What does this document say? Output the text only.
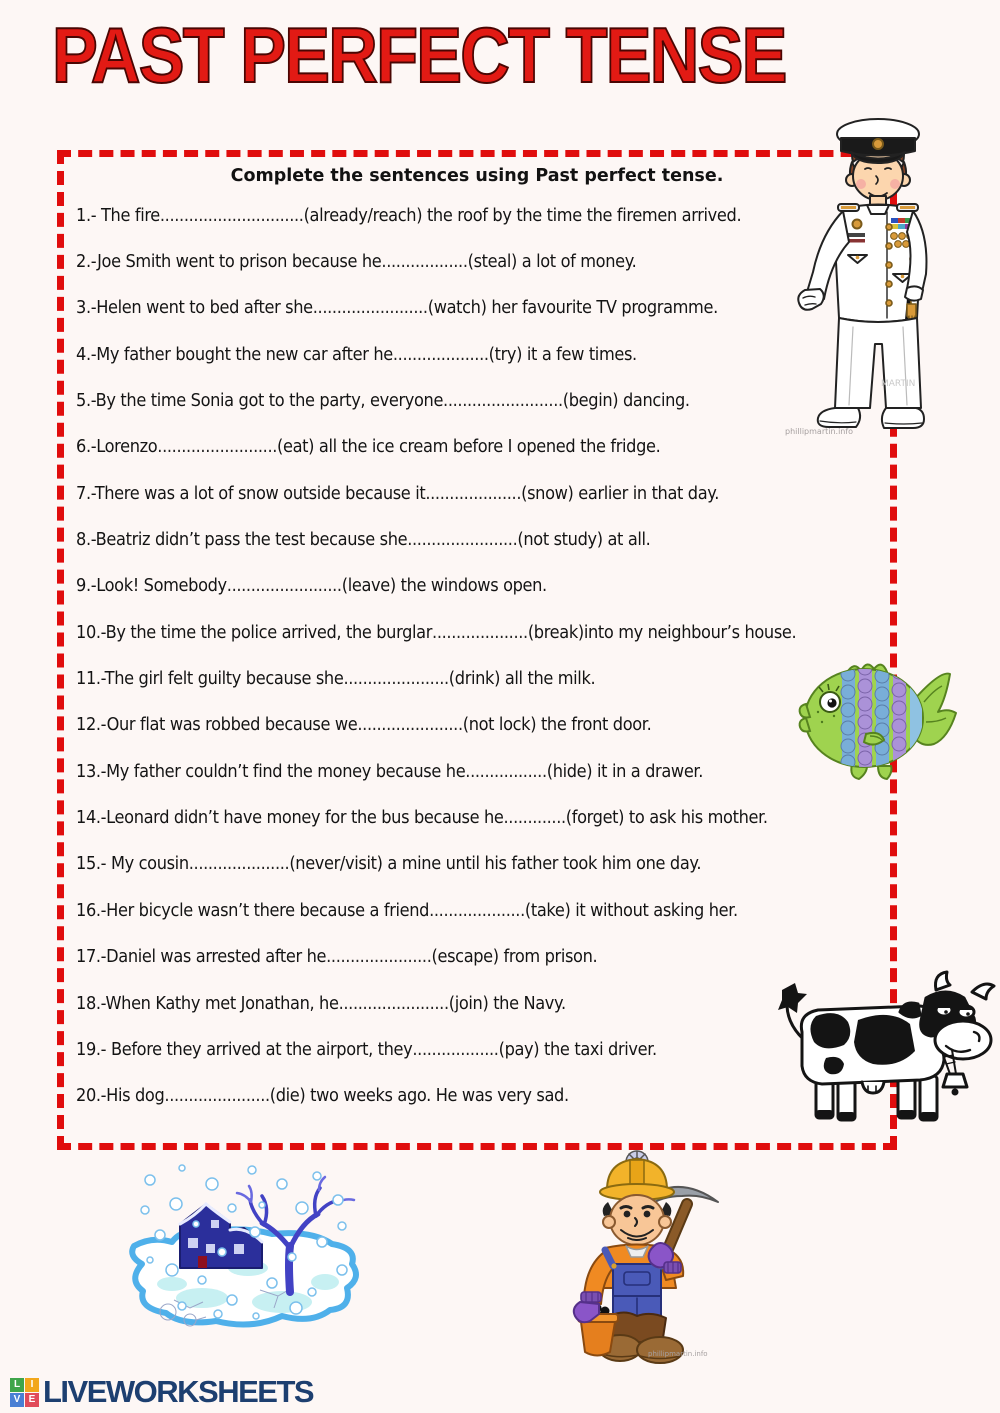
PAST PERFECT TENSE
Complete the sentences using Past perfect tense.
1.- The fire .............................. (already/reach) the roof by the time the firemen arrived.
2.-Joe Smith went to prison because he .................. (steal) a lot of money.
3.-Helen went to bed after she ........................ (watch) her favourite TV programme.
4.-My father bought the new car after he .................... (try) it a few times.
5.-By the time Sonia got to the party, everyone ......................... (begin) dancing.
6.-Lorenzo ......................... (eat) all the ice cream before I opened the fridge.
7.-There was a lot of snow outside because it .................... (snow) earlier in that day.
8.-Beatriz didn’t pass the test because she ....................... (not study) at all.
9.-Look! Somebody ........................ (leave) the windows open.
10.-By the time the police arrived, the burglar .................... (break)into my neighbour’s house.
11.-The girl felt guilty because she ...................... (drink) all the milk.
12.-Our flat was robbed because we ...................... (not lock) the front door.
13.-My father couldn’t find the money because he ................. (hide) it in a drawer.
14.-Leonard didn’t have money for the bus because he ............. (forget) to ask his mother.
15.- My cousin ..................... (never/visit) a mine until his father took him one day.
16.-Her bicycle wasn’t there because a friend .................... (take) it without asking her.
17.-Daniel was arrested after he ...................... (escape) from prison.
18.-When Kathy met Jonathan, he ....................... (join) the Navy.
19.- Before they arrived at the airport, they .................. (pay) the taxi driver.
20.-His dog ...................... (die) two weeks ago. He was very sad.
MARTIN
phillipmartin.info
phillipmartin.info
L	I
V E LIVEWORKSHEETS
